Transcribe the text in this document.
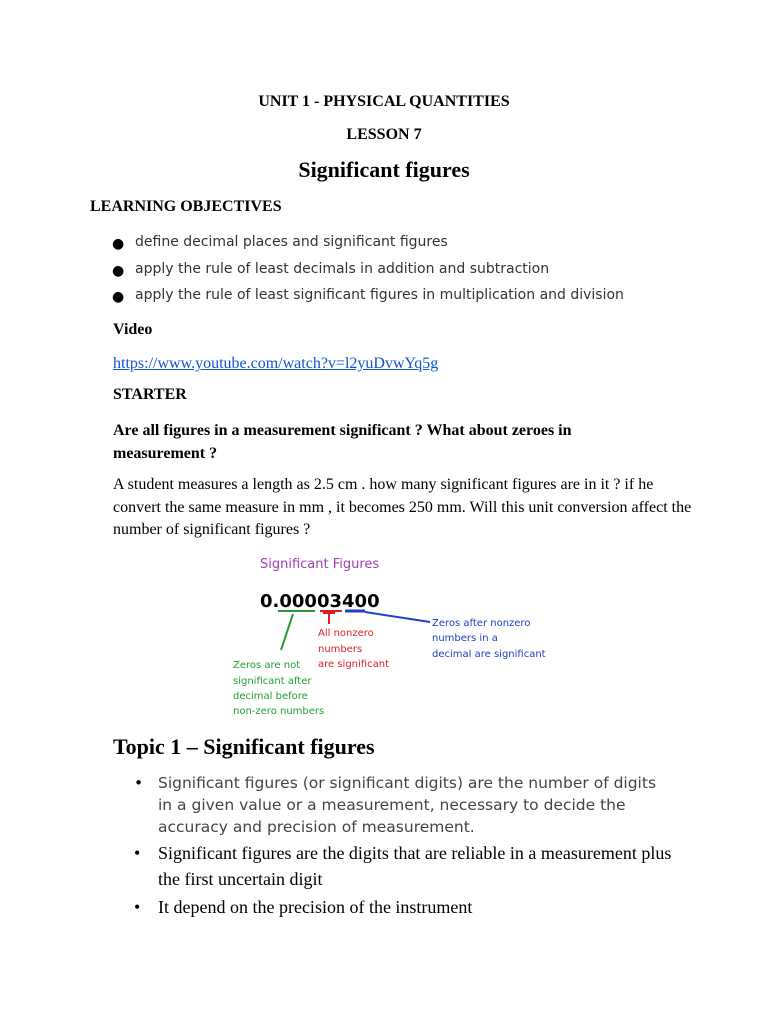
UNIT 1 - PHYSICAL QUANTITIES
LESSON 7
Significant figures
LEARNING OBJECTIVES
● define decimal places and significant figures
● apply the rule of least decimals in addition and subtraction
● apply the rule of least significant figures in multiplication and division
Video
https://www.youtube.com/watch?v=l2yuDvwYq5g
STARTER
Are all figures in a measurement significant ? What about zeroes in measurement ?
A student measures a length as 2.5 cm . how many significant figures are in it ? if he convert the same measure in mm , it becomes 250 mm. Will this unit conversion affect the number of significant figures ?
Significant Figures
0.00003400
Zeros are not significant after decimal before non-zero numbers
All nonzero numbers are significant
Zeros after nonzero numbers in a decimal are significant
Topic 1 – Significant figures
• Significant figures (or significant digits) are the number of digits in a given value or a measurement, necessary to decide the accuracy and precision of measurement.
• Significant figures are the digits that are reliable in a measurement plus the first uncertain digit
• It depend on the precision of the instrument
